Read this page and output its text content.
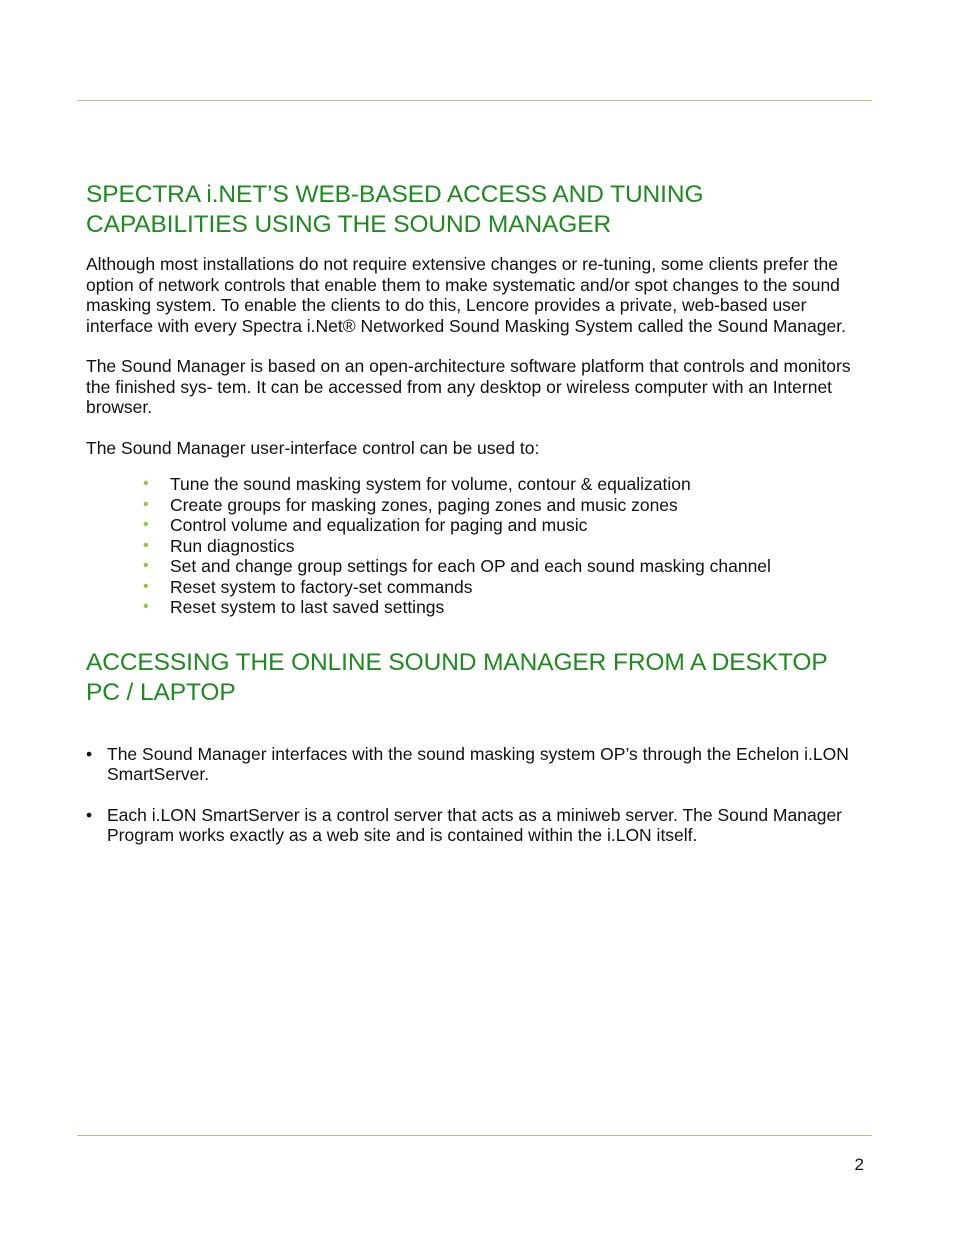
SPECTRA i.NET’S WEB-BASED ACCESS AND TUNING CAPABILITIES USING THE SOUND MANAGER

Although most installations do not require extensive changes or re-tuning, some clients prefer the option of network controls that enable them to make systematic and/or spot changes to the sound masking system. To enable the clients to do this, Lencore provides a private, web-based user interface with every Spectra i.Net® Networked Sound Masking System called the Sound Manager.

The Sound Manager is based on an open-architecture software platform that controls and monitors the finished sys- tem. It can be accessed from any desktop or wireless computer with an Internet browser.

The Sound Manager user-interface control can be used to:

• Tune the sound masking system for volume, contour & equalization
• Create groups for masking zones, paging zones and music zones
• Control volume and equalization for paging and music
• Run diagnostics
• Set and change group settings for each OP and each sound masking channel
• Reset system to factory-set commands
• Reset system to last saved settings
ACCESSING THE ONLINE SOUND MANAGER FROM A DESKTOP PC / LAPTOP
• The Sound Manager interfaces with the sound masking system OP’s through the Echelon i.LON SmartServer.
• Each i.LON SmartServer is a control server that acts as a miniweb server. The Sound Manager Program works exactly as a web site and is contained within the i.LON itself.
2
